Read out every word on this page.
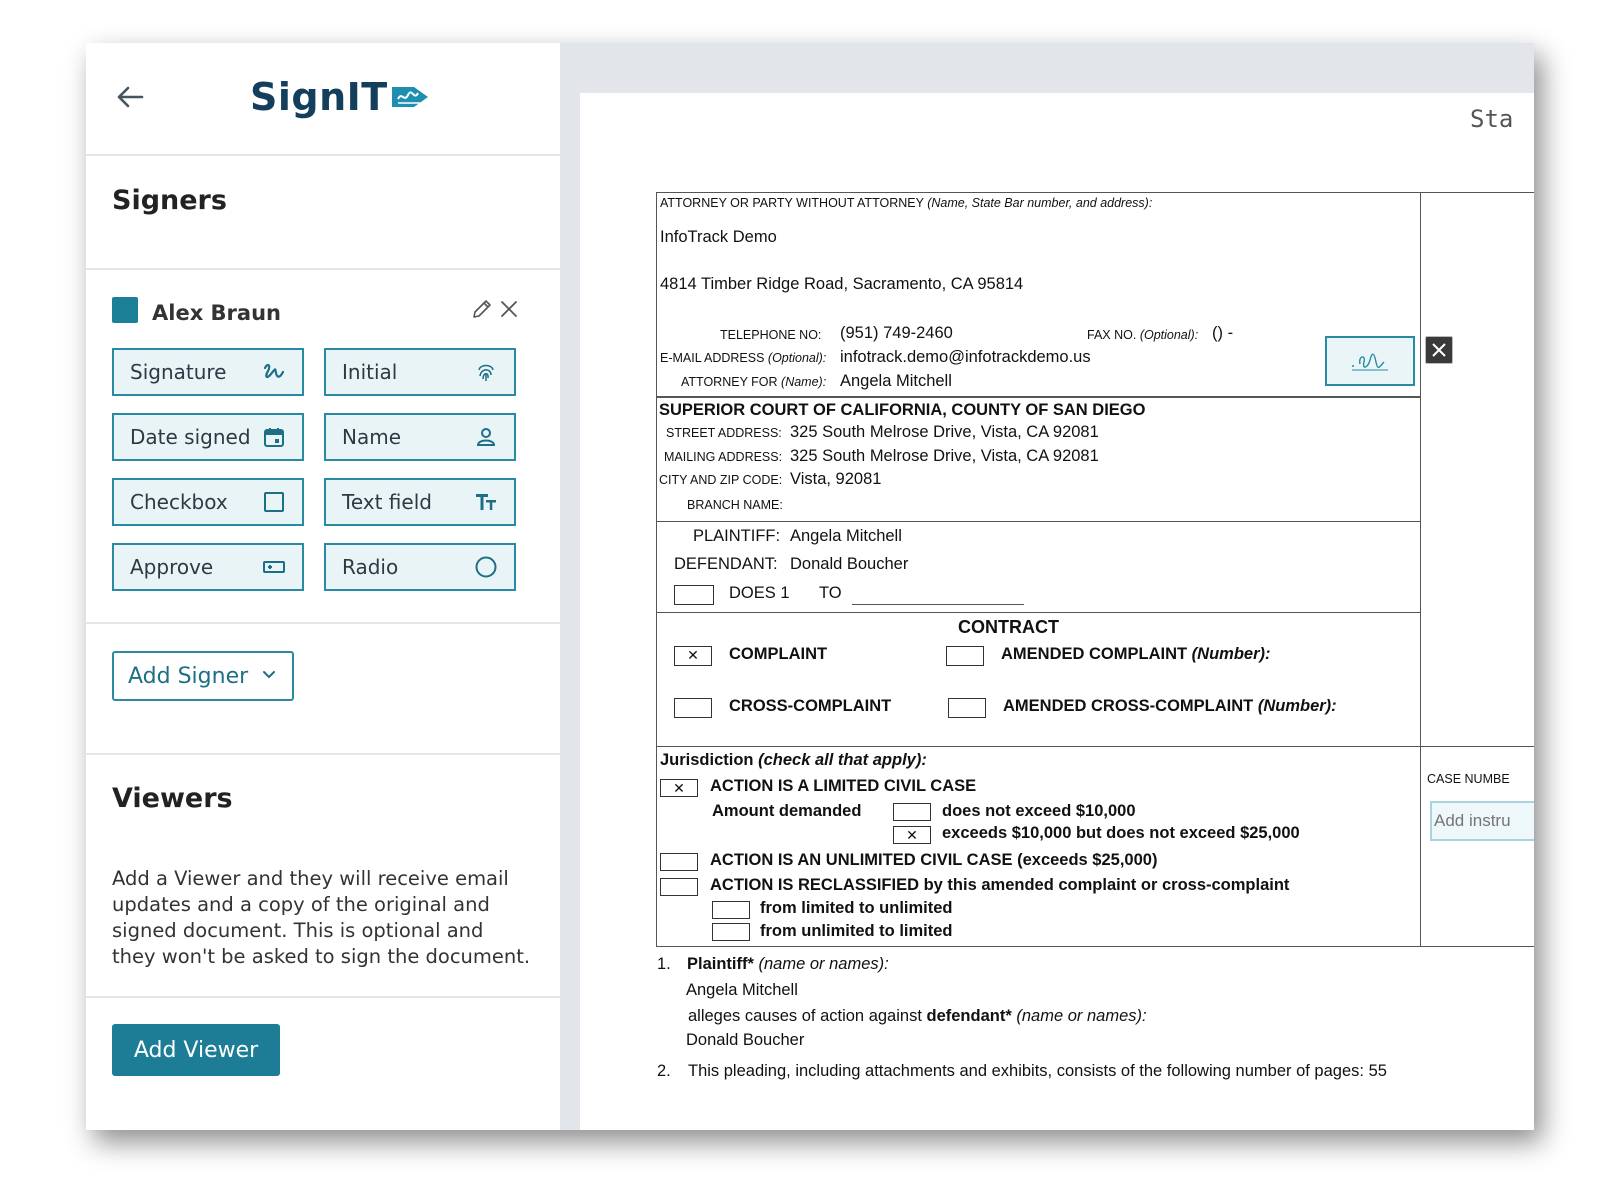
SignIT
Signers
Alex Braun
Signature	Initial
Date signed	Name
Checkbox	Text field
Approve	Radio
Add Signer
Viewers
Add a Viewer and they will receive email updates and a copy of the original and signed document. This is optional and they won't be asked to sign the document.
Add Viewer
Sta
ATTORNEY OR PARTY WITHOUT ATTORNEY (Name, State Bar number, and address):
InfoTrack Demo
4814 Timber Ridge Road, Sacramento, CA 95814
TELEPHONE NO: (951) 749-2460	FAX NO. (Optional): () -
E-MAIL ADDRESS (Optional): infotrack.demo@infotrackdemo.us
ATTORNEY FOR (Name): Angela Mitchell
SUPERIOR COURT OF CALIFORNIA, COUNTY OF SAN DIEGO
STREET ADDRESS: 325 South Melrose Drive, Vista, CA 92081
MAILING ADDRESS: 325 South Melrose Drive, Vista, CA 92081
CITY AND ZIP CODE: Vista, 92081
BRANCH NAME:
PLAINTIFF: Angela Mitchell
DEFENDANT: Donald Boucher
DOES 1 TO
CONTRACT
✕	COMPLAINT	AMENDED COMPLAINT (Number):
CROSS-COMPLAINT	AMENDED CROSS-COMPLAINT (Number):
Jurisdiction (check all that apply):
✕	ACTION IS A LIMITED CIVIL CASE
Amount demanded	does not exceed $10,000
✕	exceeds $10,000 but does not exceed $25,000
ACTION IS AN UNLIMITED CIVIL CASE (exceeds $25,000)
ACTION IS RECLASSIFIED by this amended complaint or cross-complaint
from limited to unlimited
from unlimited to limited
CASE NUMBE
Add instru
1. Plaintiff* (name or names):
Angela Mitchell
alleges causes of action against defendant* (name or names):
Donald Boucher
2. This pleading, including attachments and exhibits, consists of the following number of pages: 55
